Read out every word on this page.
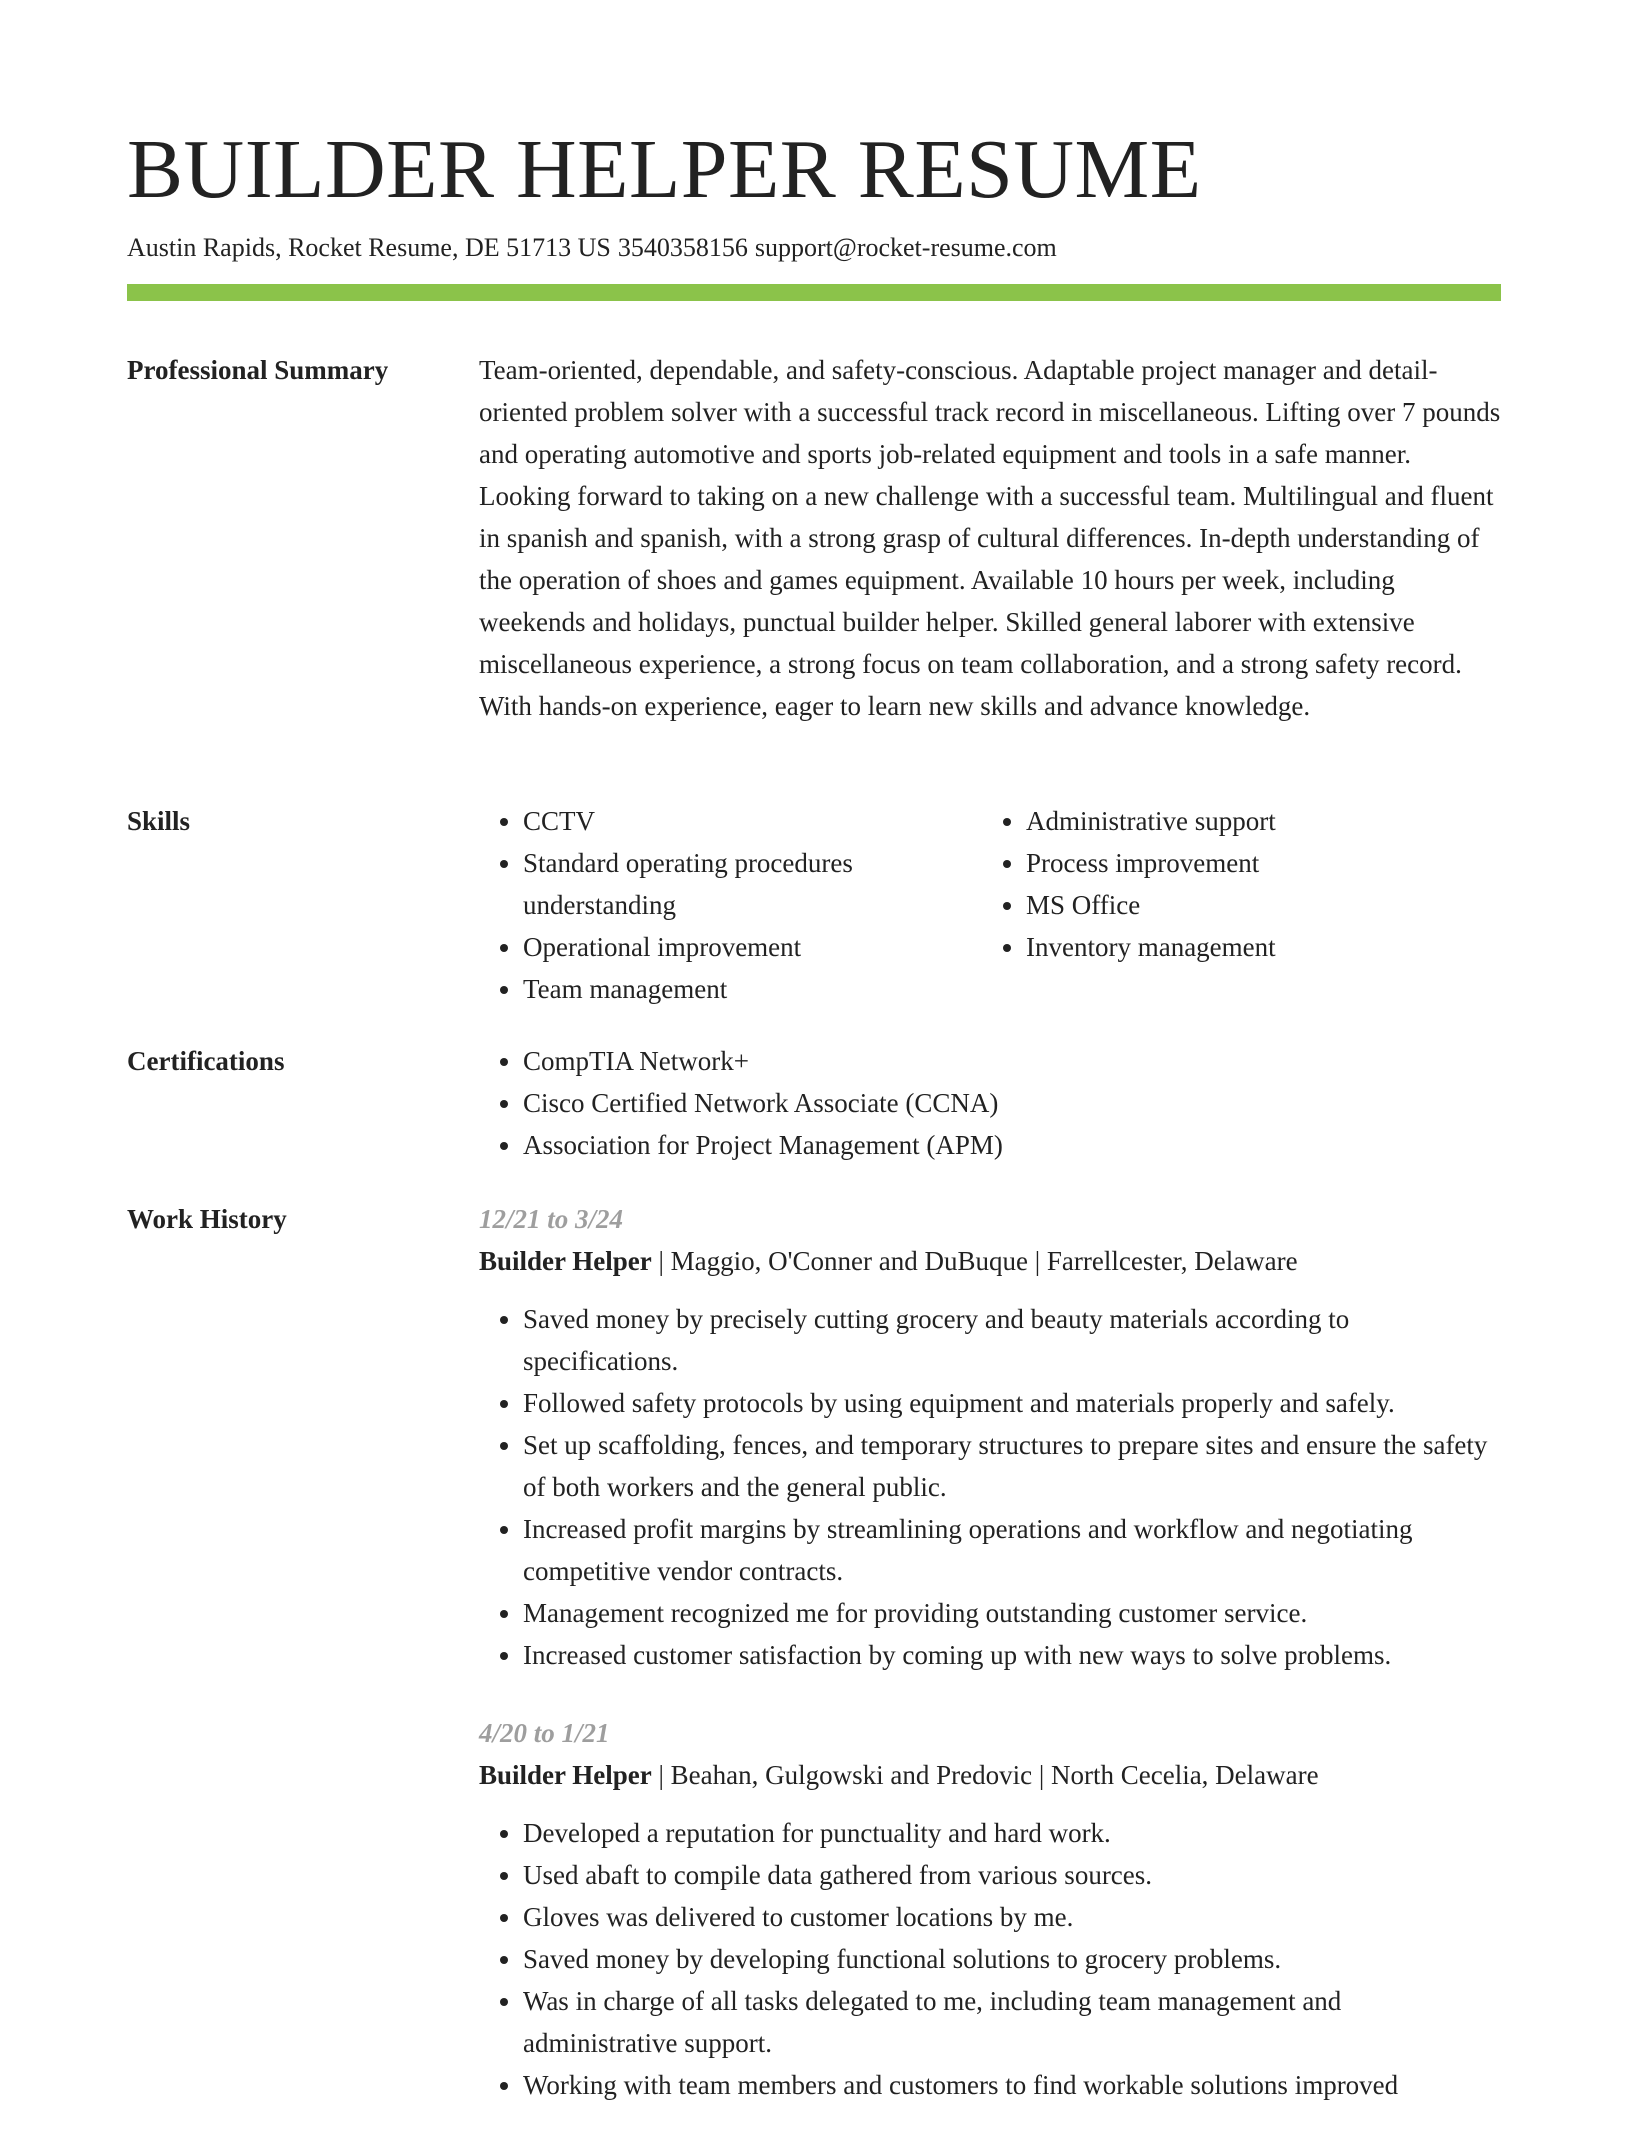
BUILDER HELPER RESUME
Austin Rapids, Rocket Resume, DE 51713 US 3540358156 support@rocket-resume.com
Professional Summary	Team-oriented, dependable, and safety-conscious. Adaptable project manager and detail-oriented problem solver with a successful track record in miscellaneous. Lifting over 7 pounds and operating automotive and sports job-related equipment and tools in a safe manner. Looking forward to taking on a new challenge with a successful team. Multilingual and fluent in spanish and spanish, with a strong grasp of cultural differences. In-depth understanding of the operation of shoes and games equipment. Available 10 hours per week, including weekends and holidays, punctual builder helper. Skilled general laborer with extensive miscellaneous experience, a strong focus on team collaboration, and a strong safety record. With hands-on experience, eager to learn new skills and advance knowledge.

Skills	• CCTV
• Standard operating procedures understanding
• Operational improvement
• Team management
• Administrative support
• Process improvement
• MS Office
• Inventory management
Certifications	• CompTIA Network+
• Cisco Certified Network Associate (CCNA)
• Association for Project Management (APM)
Work History	12/21 to 3/24

Builder Helper | Maggio, O'Conner and DuBuque | Farrellcester, Delaware

• Saved money by precisely cutting grocery and beauty materials according to specifications.
• Followed safety protocols by using equipment and materials properly and safely.
• Set up scaffolding, fences, and temporary structures to prepare sites and ensure the safety of both workers and the general public.
• Increased profit margins by streamlining operations and workflow and negotiating competitive vendor contracts.
• Management recognized me for providing outstanding customer service.
• Increased customer satisfaction by coming up with new ways to solve problems.

4/20 to 1/21

Builder Helper | Beahan, Gulgowski and Predovic | North Cecelia, Delaware

• Developed a reputation for punctuality and hard work.
• Used abaft to compile data gathered from various sources.
• Gloves was delivered to customer locations by me.
• Saved money by developing functional solutions to grocery problems.
• Was in charge of all tasks delegated to me, including team management and administrative support.
• Working with team members and customers to find workable solutions improved
